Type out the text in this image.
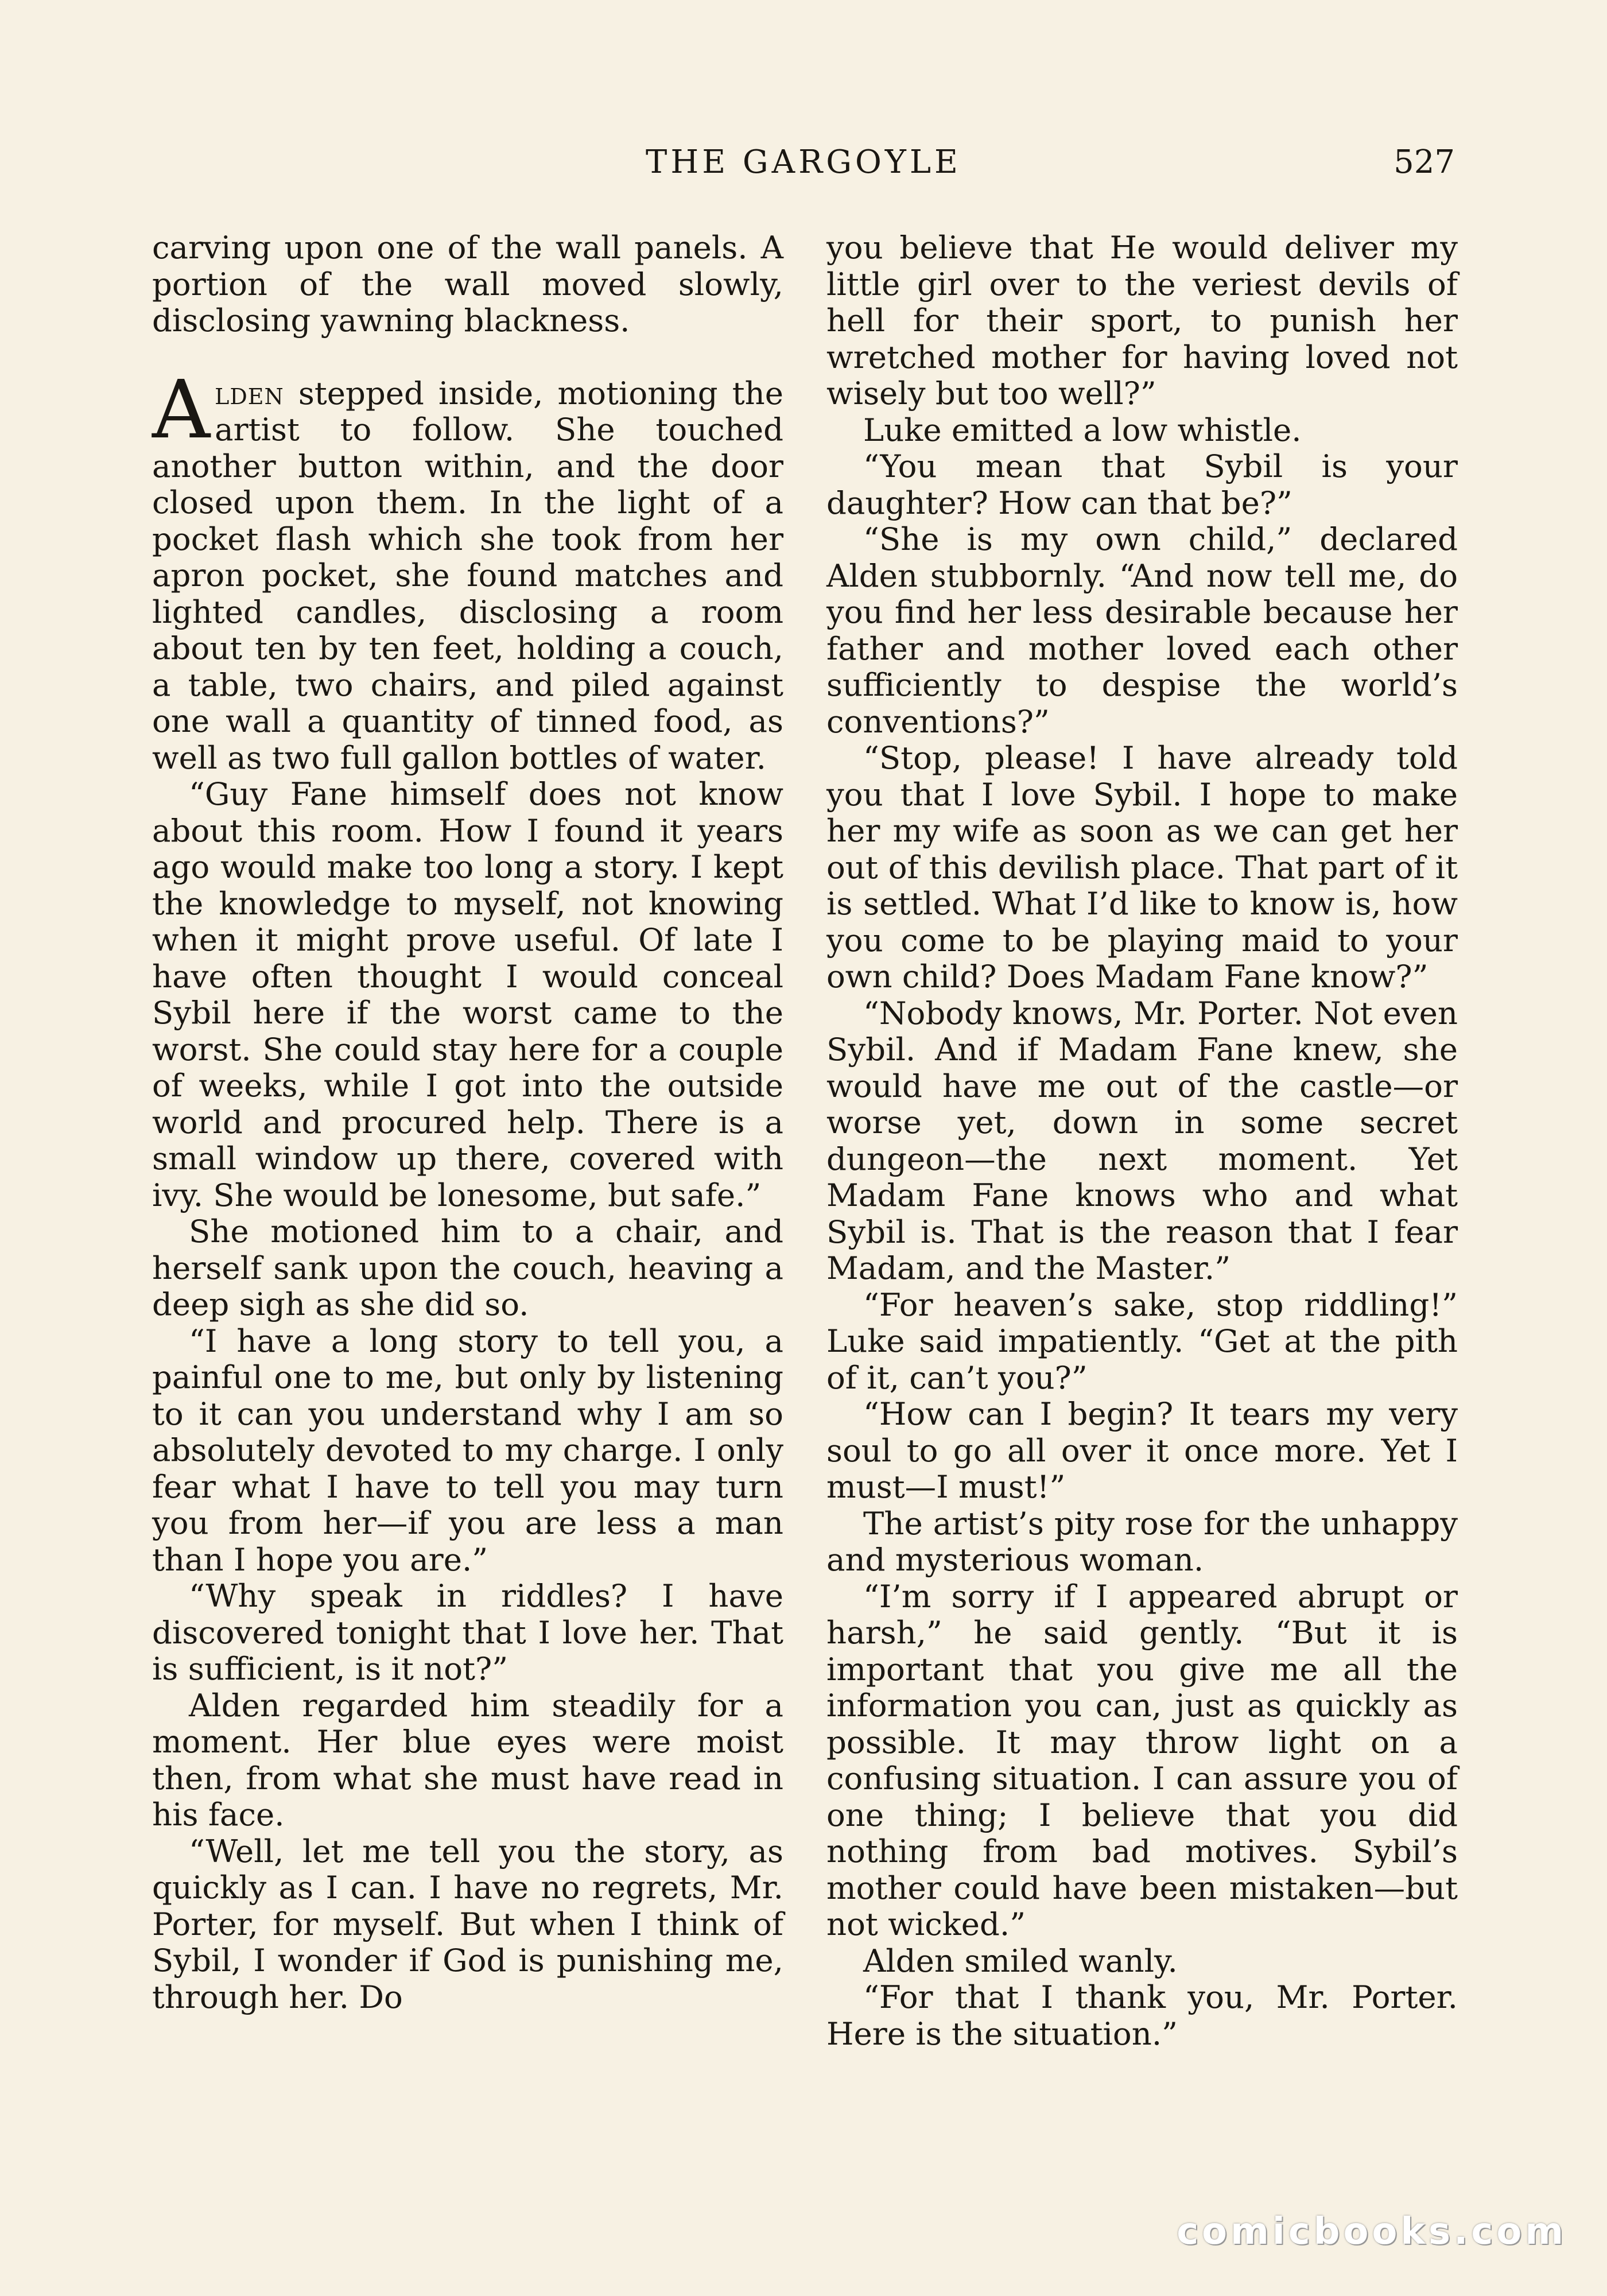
THE GARGOYLE	527

carving upon one of the wall panels. A portion of the wall moved slowly, disclosing yawning blackness.

Alden stepped inside, motioning the artist to follow. She touched another button within, and the door closed upon them. In the light of a pocket flash which she took from her apron pocket, she found matches and lighted candles, disclosing a room about ten by ten feet, holding a couch, a table, two chairs, and piled against one wall a quantity of tinned food, as well as two full gallon bottles of water.

“Guy Fane himself does not know about this room. How I found it years ago would make too long a story. I kept the knowledge to myself, not knowing when it might prove useful. Of late I have often thought I would conceal Sybil here if the worst came to the worst. She could stay here for a couple of weeks, while I got into the outside world and procured help. There is a small window up there, covered with ivy. She would be lonesome, but safe.”

She motioned him to a chair, and herself sank upon the couch, heaving a deep sigh as she did so.

“I have a long story to tell you, a painful one to me, but only by listening to it can you understand why I am so absolutely devoted to my charge. I only fear what I have to tell you may turn you from her—if you are less a man than I hope you are.”

“Why speak in riddles? I have discovered tonight that I love her. That is sufficient, is it not?”

Alden regarded him steadily for a moment. Her blue eyes were moist then, from what she must have read in his face.

“Well, let me tell you the story, as quickly as I can. I have no regrets, Mr. Porter, for myself. But when I think of Sybil, I wonder if God is punishing me, through her. Do

you believe that He would deliver my little girl over to the veriest devils of hell for their sport, to punish her wretched mother for having loved not wisely but too well?”

Luke emitted a low whistle.

“You mean that Sybil is your daughter? How can that be?”

“She is my own child,” declared Alden stubbornly. “And now tell me, do you find her less desirable because her father and mother loved each other sufficiently to despise the world’s conventions?”

“Stop, please! I have already told you that I love Sybil. I hope to make her my wife as soon as we can get her out of this devilish place. That part of it is settled. What I’d like to know is, how you come to be playing maid to your own child? Does Madam Fane know?”

“Nobody knows, Mr. Porter. Not even Sybil. And if Madam Fane knew, she would have me out of the castle—or worse yet, down in some secret dungeon—the next moment. Yet Madam Fane knows who and what Sybil is. That is the reason that I fear Madam, and the Master.”

“For heaven’s sake, stop riddling!” Luke said impatiently. “Get at the pith of it, can’t you?”

“How can I begin? It tears my very soul to go all over it once more. Yet I must—I must!”

The artist’s pity rose for the unhappy and mysterious woman.

“I’m sorry if I appeared abrupt or harsh,” he said gently. “But it is important that you give me all the information you can, just as quickly as possible. It may throw light on a confusing situation. I can assure you of one thing; I believe that you did nothing from bad motives. Sybil’s mother could have been mistaken—but not wicked.”

Alden smiled wanly.

“For that I thank you, Mr. Porter. Here is the situation.”

comicbooks.com
